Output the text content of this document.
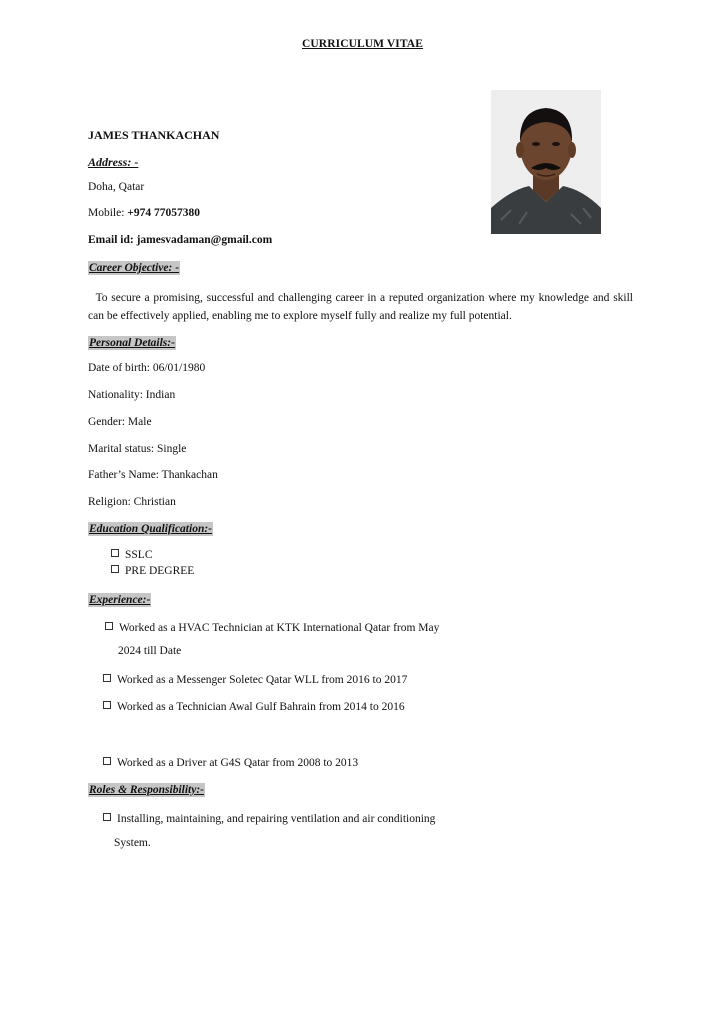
CURRICULUM VITAE
JAMES THANKACHAN
Address: -
Doha, Qatar
Mobile: +974 77057380
Email id: jamesvadaman@gmail.com
Career Objective: -
To secure a promising, successful and challenging career in a reputed organization where my knowledge and skill can be effectively applied, enabling me to explore myself fully and realize my full potential.
Personal Details:-
Date of birth: 06/01/1980
Nationality: Indian
Gender: Male
Marital status: Single
Father’s Name: Thankachan
Religion: Christian
Education Qualification:-
SSLC
PRE DEGREE
Experience:-
Worked as a HVAC Technician at KTK International Qatar from May
2024 till Date
Worked as a Messenger Soletec Qatar WLL from 2016 to 2017
Worked as a Technician Awal Gulf Bahrain from 2014 to 2016
Worked as a Driver at G4S Qatar from 2008 to 2013
Roles & Responsibility:-
Installing, maintaining, and repairing ventilation and air conditioning
System.
